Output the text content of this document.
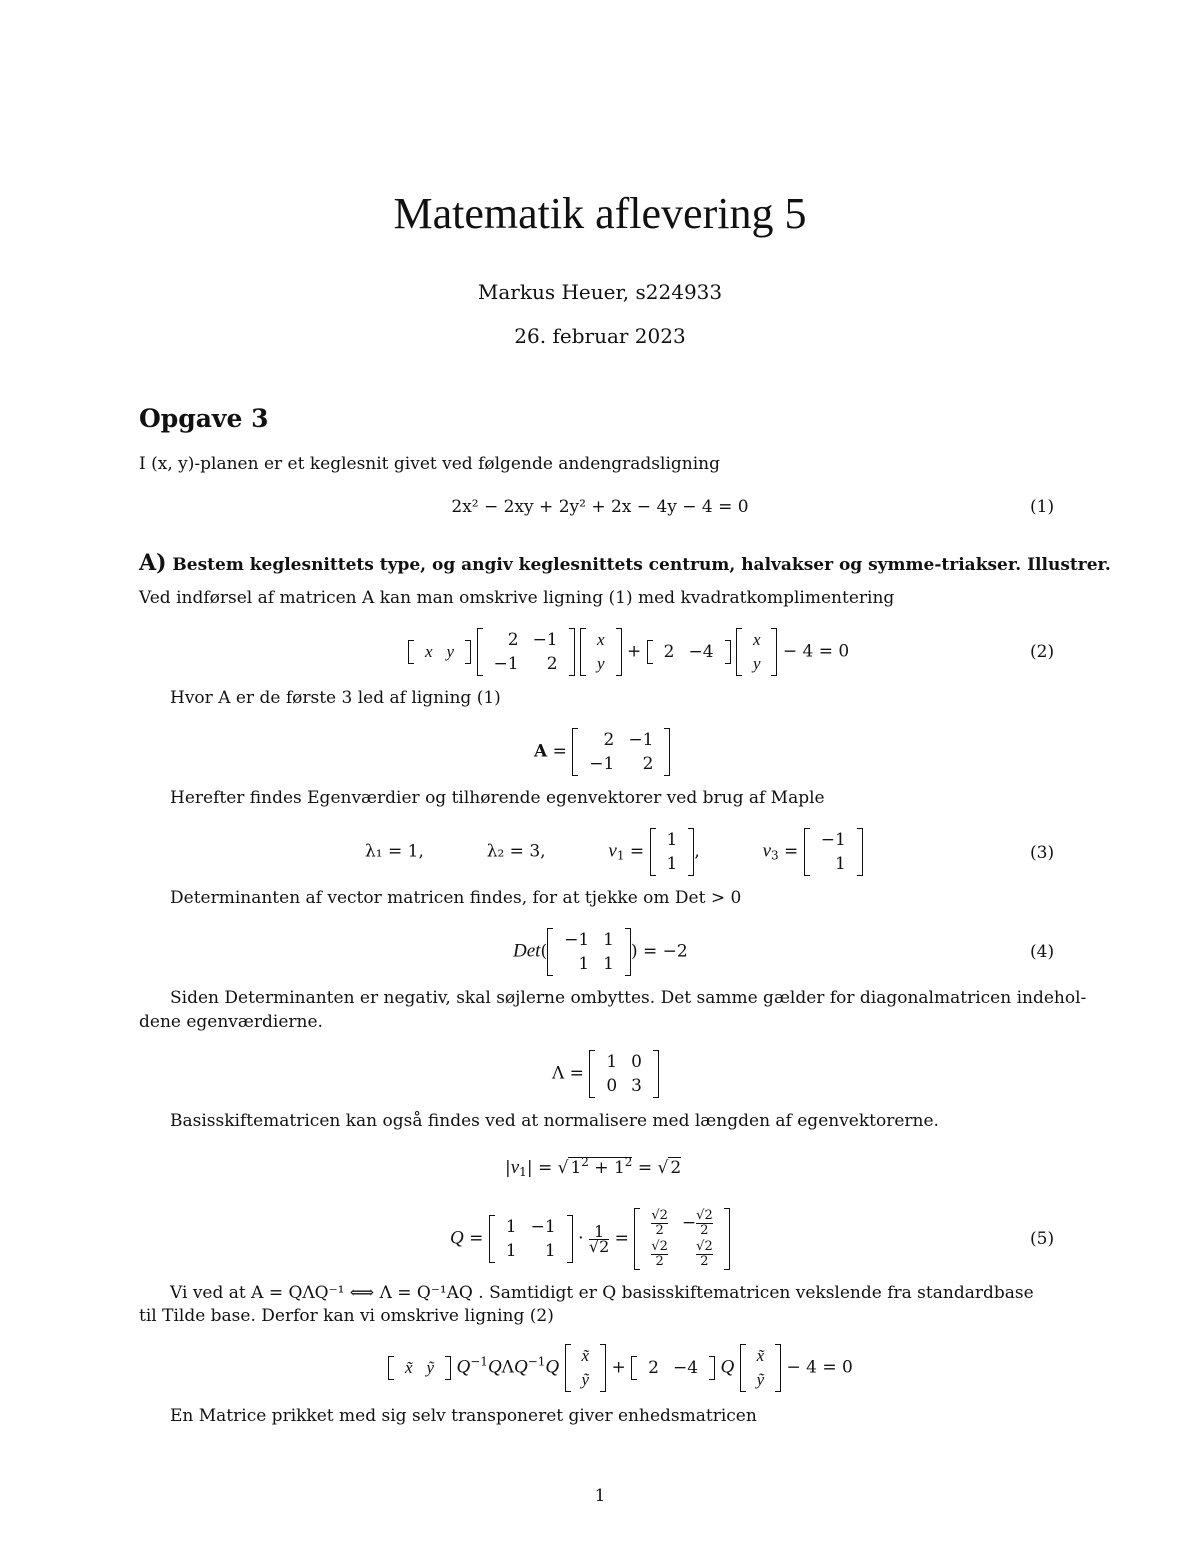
Matematik aflevering 5
Markus Heuer, s224933
26. februar 2023
Opgave 3
I (x, y)-planen er et keglesnit givet ved følgende andengradsligning
2x² − 2xy + 2y² + 2x − 4y − 4 = 0	(1)
A) Bestem keglesnittets type, og angiv keglesnittets centrum, halvakser og symme-triakser. Illustrer.
Ved indførsel af matricen A kan man omskrive ligning (1) med kvadratkomplimentering
x	y

2	−1
−1	2

x
y
+ 2	−4

x
y
− 4 = 0	(2)
Hvor A er de første 3 led af ligning (1)
A =
2	−1
−1	2
Herefter findes Egenværdier og tilhørende egenvektorer ved brug af Maple
λ₁ = 1,	λ₂ = 3,	$v_1$ =
1
1
,	$v_3$ =
−1
1
(3)
Determinanten af vector matricen findes, for at tjekke om Det > 0
Det(
−1	1
1	1
) = −2	(4)
Siden Determinanten er negativ, skal søjlerne ombyttes. Det samme gælder for diagonalmatricen indehol-
dene egenværdierne.
Λ =
1	0
0	3
Basisskiftematricen kan også findes ved at normalisere med længden af egenvektorerne.
$|v_1|$ = √ $1^2 + 1^2$ = √ 2
Q =
1	−1
1	1
· $\frac{1}{√2}$ =
$\frac{√2}{2}$	− $\frac{√2}{2}$

$\frac{√2}{2}$	$\frac{√2}{2}$
(5)
Vi ved at A = QΛQ⁻¹ ⟺ Λ = Q⁻¹AQ . Samtidigt er Q basisskiftematricen vekslende fra standardbase
til Tilde base. Derfor kan vi omskrive ligning (2)
x̃	ỹ $Q^{-1}Q\Lambda Q^{-1}Q$
x̃
ỹ
+ 2	−4 Q
x̃
ỹ
− 4 = 0
En Matrice prikket med sig selv transponeret giver enhedsmatricen
1
